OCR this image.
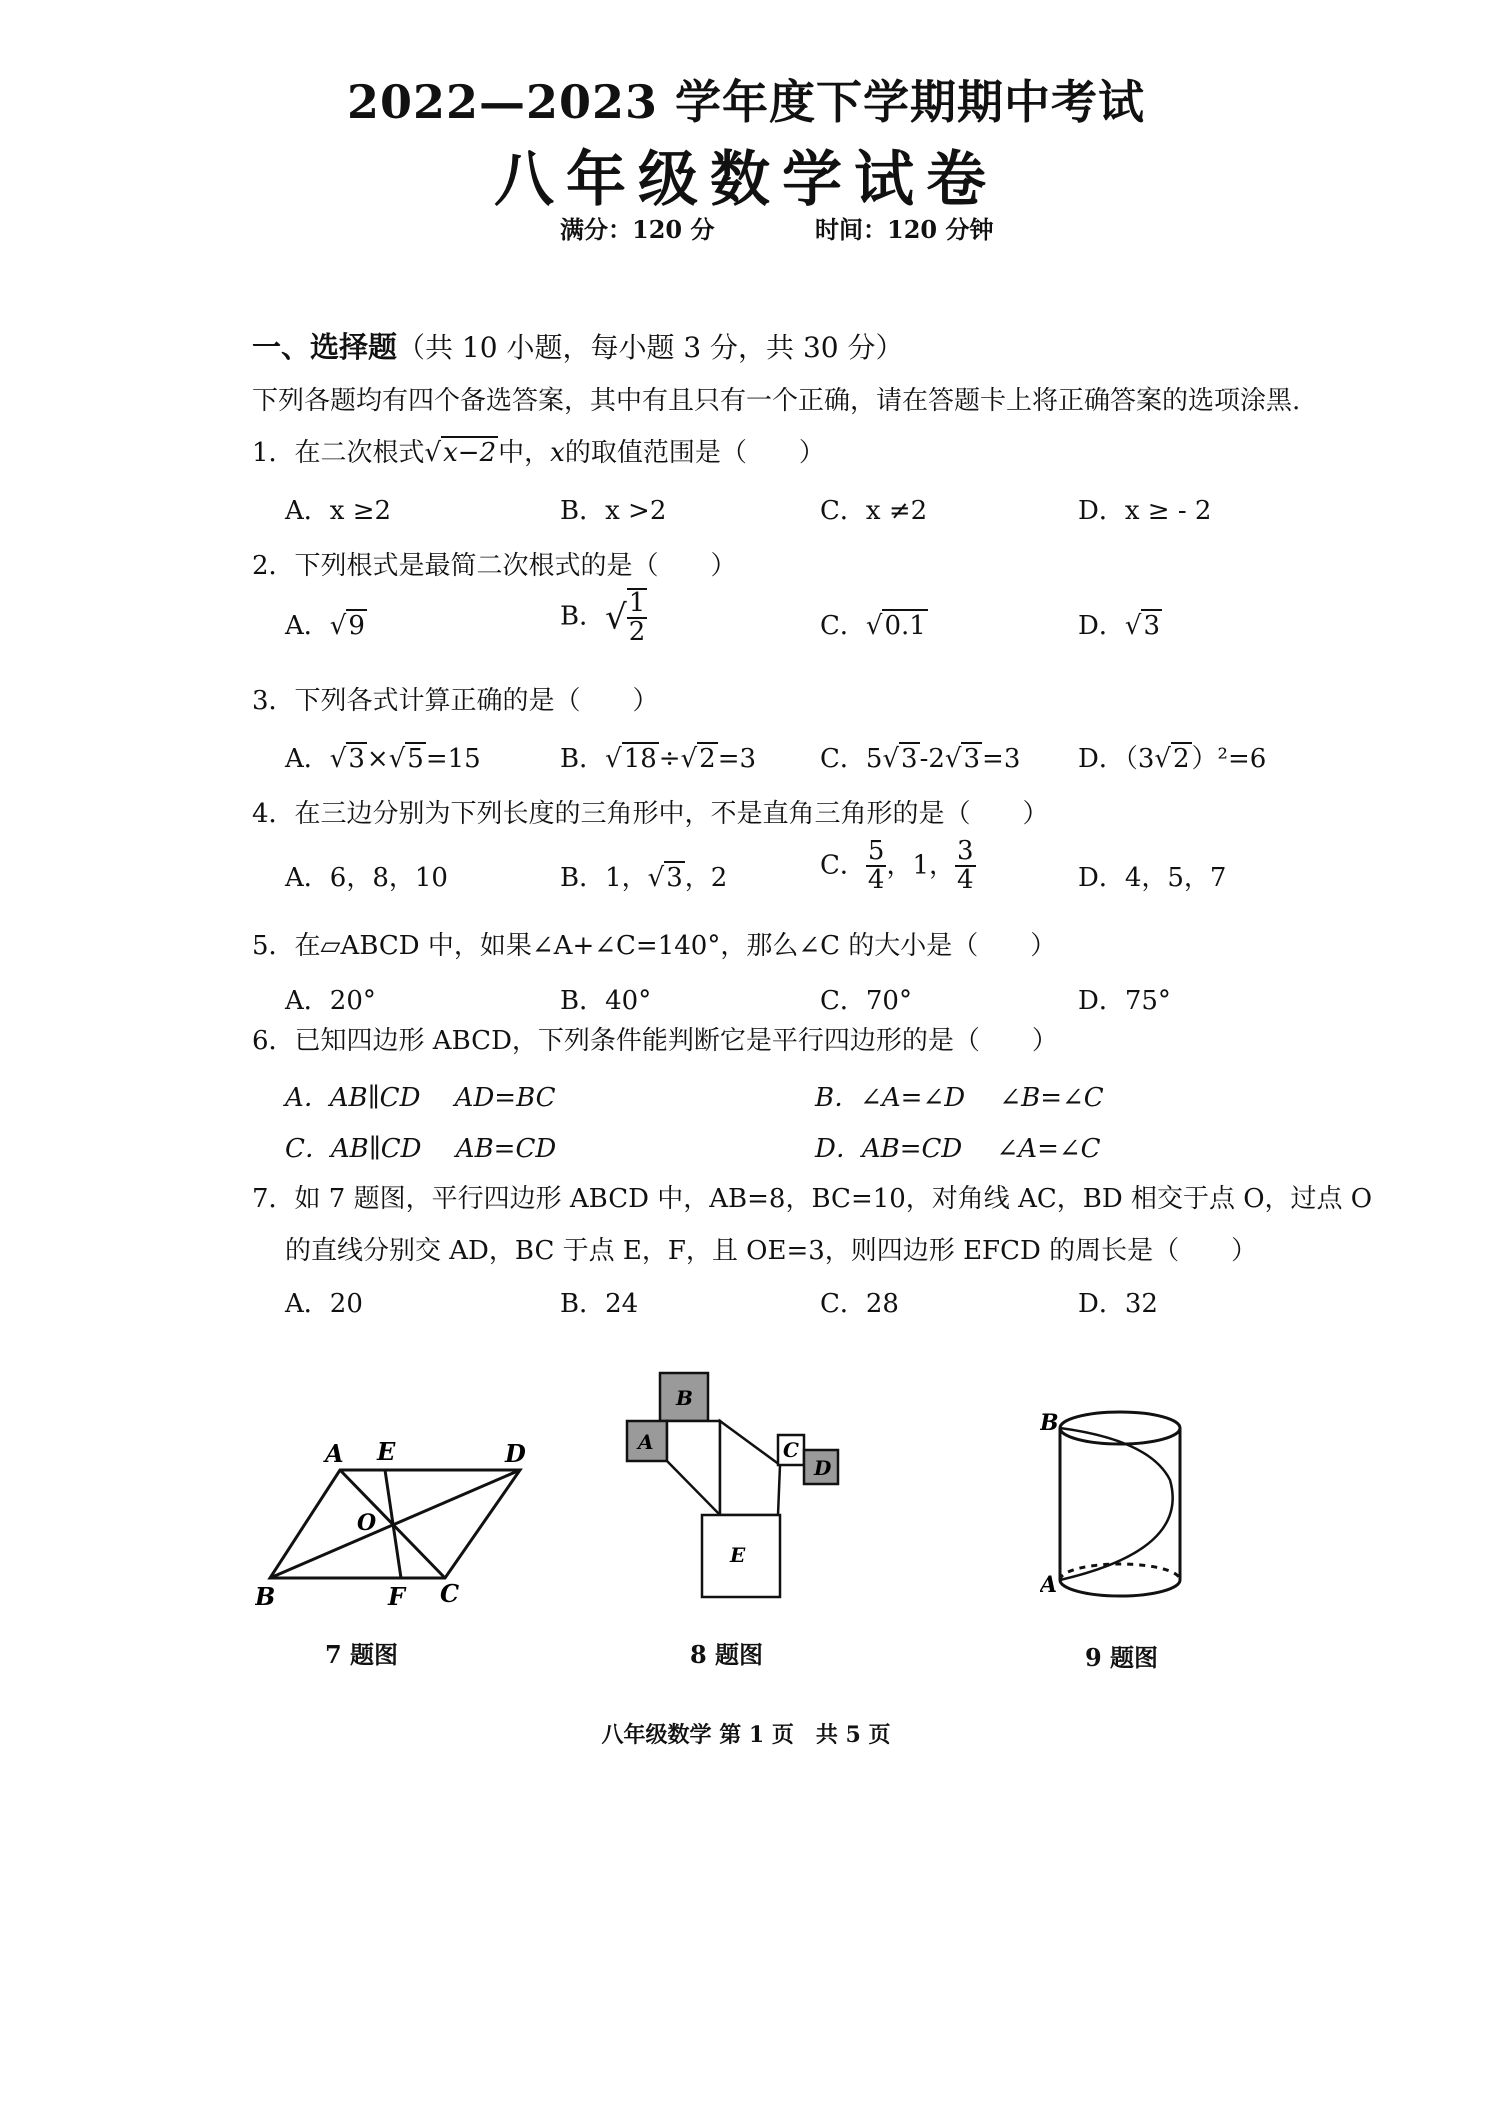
2022—2023 学年度下学期期中考试
八年级数学试卷
满分：120 分	时间：120 分钟
一、选择题（共 10 小题，每小题 3 分，共 30 分）
下列各题均有四个备选答案，其中有且只有一个正确，请在答题卡上将正确答案的选项涂黑.
1．在二次根式√x−2中，x的取值范围是（　　）
A．x ≥2	B．x >2	C．x ≠2	D．x ≥ - 2
2．下列根式是最简二次根式的是（　　）
A．√9	B．√ $\frac{1}{2}$	C．√0.1	D．√3
3．下列各式计算正确的是（　　）
A．√3×√5=15	B．√18÷√2=3 C．5√3-2√3=3 D．（3√2）²=6
4．在三边分别为下列长度的三角形中，不是直角三角形的是（　　）
A．6，8，10	B．1，√3，2	C． $\frac{5}{4}$ ，1， $\frac{3}{4}$	D．4，5，7
5．在▱ABCD 中，如果∠A+∠C=140°，那么∠C 的大小是（　　）
A．20°	B．40°	C．70°	D．75°
6．已知四边形 ABCD，下列条件能判断它是平行四边形的是（　　）
A．AB∥CD　 AD=BC	B．∠A=∠D　 ∠B=∠C
C．AB∥CD　 AB=CD	D．AB=CD　 ∠A=∠C
7．如 7 题图，平行四边形 ABCD 中，AB=8，BC=10，对角线 AC，BD 相交于点 O，过点 O
的直线分别交 AD，BC 于点 E，F，且 OE=3，则四边形 EFCD 的周长是（　　）
A．20	B．24	C．28	D．32
A E	D
O
B	F C
7 题图
B
A	C
D
E
8 题图
B
A
9 题图
八年级数学 第 1 页　共 5 页
